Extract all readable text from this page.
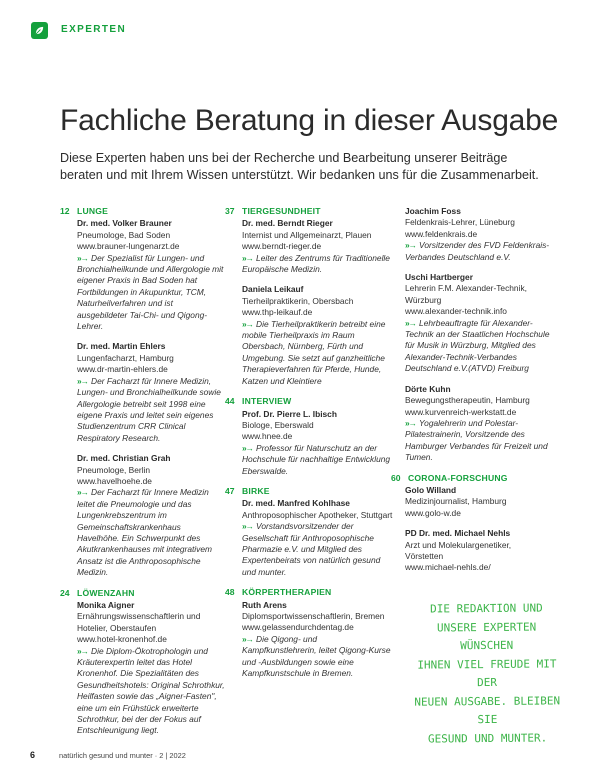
EXPERTEN
Fachliche Beratung in dieser Ausgabe

Diese Experten haben uns bei der Recherche und Bearbeitung unserer Beiträge beraten und mit Ihrem Wissen unterstützt. Wir bedanken uns für die Zusammenarbeit.

12 LUNGE
Dr. med. Volker Brauner
Pneumologe, Bad Soden
www.brauner-lungenarzt.de
»→ Der Spezialist für Lungen- und Bronchialheilkunde und Allergologie mit eigener Praxis in Bad Soden hat Fortbildungen in Akupunktur, TCM, Naturheilverfahren und ist ausgebildeter Tai-Chi- und Qigong-Lehrer.
Dr. med. Martin Ehlers
Lungenfacharzt, Hamburg
www.dr-martin-ehlers.de
»→ Der Facharzt für Innere Medizin, Lungen- und Bronchialheilkunde sowie Allergologie betreibt seit 1998 eine eigene Praxis und leitet sein eigenes Studienzentrum CRR Clinical Respiratory Research.
Dr. med. Christian Grah
Pneumologe, Berlin
www.havelhoehe.de
»→ Der Facharzt für Innere Medizin leitet die Pneumologie und das Lungenkrebszentrum im Gemeinschaftskrankenhaus Havelhöhe. Ein Schwerpunkt des Akutkrankenhauses mit integrativem Ansatz ist die Anthroposophische Medizin.
24 LÖWENZAHN
Monika Aigner
Ernährungswissenschaftlerin und Hotelier, Oberstaufen
www.hotel-kronenhof.de
»→ Die Diplom-Ökotrophologin und Kräuterexpertin leitet das Hotel Kronenhof. Die Spezialitäten des Gesundheitshotels: Original Schrothkur, Heilfasten sowie das „Aigner-Fasten", eine um ein Frühstück erweiterte Schrothkur, bei der der Fokus auf Entschleunigung liegt.
37 TIERGESUNDHEIT
Dr. med. Berndt Rieger
Internist und Allgemeinarzt, Plauen
www.berndt-rieger.de
»→ Leiter des Zentrums für Traditionelle Europäische Medizin.
Daniela Leikauf
Tierheilpraktikerin, Obersbach
www.thp-leikauf.de
»→ Die Tierheilpraktikerin betreibt eine mobile Tierheilpraxis im Raum Obersbach, Nürnberg, Fürth und Umgebung. Sie setzt auf ganzheitliche Therapieverfahren für Pferde, Hunde, Katzen und Kleintiere
44 INTERVIEW
Prof. Dr. Pierre L. Ibisch
Biologe, Eberswald
www.hnee.de
»→ Professor für Naturschutz an der Hochschule für nachhaltige Entwicklung Eberswalde.
47 BIRKE
Dr. med. Manfred Kohlhase
Anthroposophischer Apotheker, Stuttgart
»→ Vorstandsvorsitzender der Gesellschaft für Anthroposophische Pharmazie e.V. und Mitglied des Expertenbeirats von natürlich gesund und munter.
48 KÖRPERTHERAPIEN
Ruth Arens
Diplomsportwissenschaftlerin, Bremen
www.gelassendurchdentag.de
»→ Die Qigong- und Kampfkunstlehrerin, leitet Qigong-Kurse und -Ausbildungen sowie eine Kampfkunstschule in Bremen.
Joachim Foss
Feldenkrais-Lehrer, Lüneburg
www.feldenkrais.de
»→ Vorsitzender des FVD Feldenkrais-Verbandes Deutschland e.V.
Uschi Hartberger
Lehrerin F.M. Alexander-Technik, Würzburg
www.alexander-technik.info
»→ Lehrbeauftragte für Alexander-Technik an der Staatlichen Hochschule für Musik in Würzburg, Mitglied des Alexander-Technik-Verbandes Deutschland e.V.(ATVD) Freiburg
Dörte Kuhn
Bewegungstherapeutin, Hamburg
www.kurvenreich-werkstatt.de
»→ Yogalehrerin und Polestar-Pilatestrainerin, Vorsitzende des Hamburger Verbandes für Freizeit und Tumen.
60 CORONA-FORSCHUNG
Golo Willand
Medizinjournalist, Hamburg
www.golo-w.de
PD Dr. med. Michael Nehls
Arzt und Molekulargenetiker, Vörstetten
www.michael-nehls.de/
DIE REDAKTION UND
UNSERE EXPERTEN WÜNSCHEN
IHNEN VIEL FREUDE MIT DER
NEUEN AUSGABE. BLEIBEN SIE
GESUND UND MUNTER.
6	natürlich gesund und munter · 2 | 2022
